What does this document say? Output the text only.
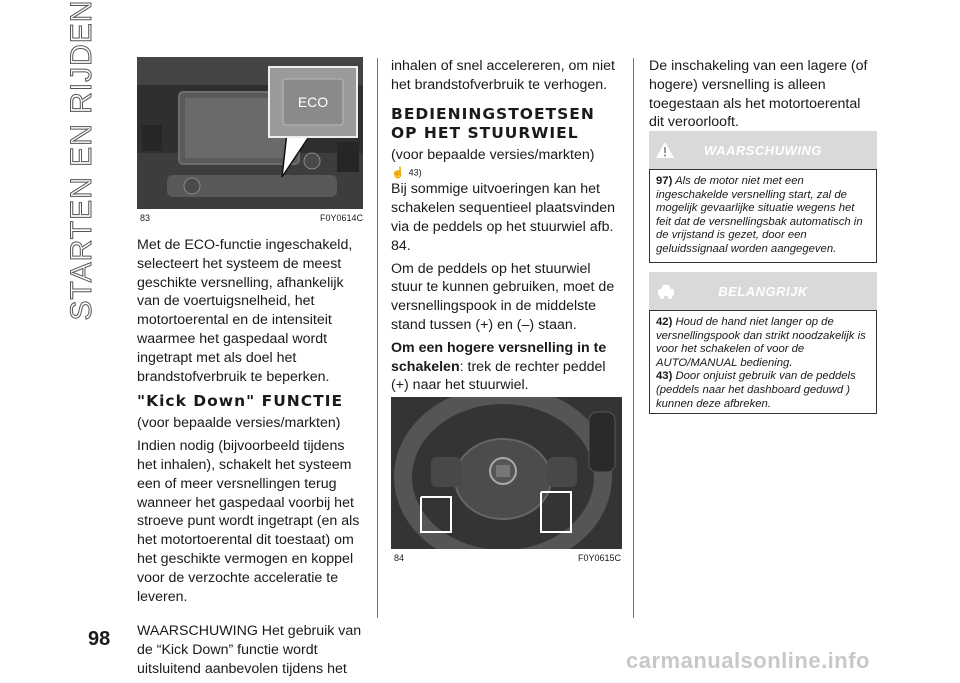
STARTEN EN RIJDEN	ECO
83	F0Y0614C

Met de ECO-functie ingeschakeld, selecteert het systeem de meest geschikte versnelling, afhankelijk van de voertuigsnelheid, het motortoerental en de intensiteit waarmee het gaspedaal wordt ingetrapt met als doel het brandstofverbruik te beperken.

"Kick Down" FUNCTIE

(voor bepaalde versies/markten)

Indien nodig (bijvoorbeeld tijdens het inhalen), schakelt het systeem een of meer versnellingen terug wanneer het gaspedaal voorbij het stroeve punt wordt ingetrapt (en als het motortoerental dit toestaat) om het geschikte vermogen en koppel voor de verzochte acceleratie te leveren.

WAARSCHUWING Het gebruik van de “Kick Down” functie wordt uitsluitend aanbevolen tijdens het

inhalen of snel accelereren, om niet het brandstofverbruik te verhogen.

BEDIENINGSTOETSEN OP HET STUURWIEL

(voor bepaalde versies/markten)

☝ 43)

Bij sommige uitvoeringen kan het schakelen sequentieel plaatsvinden via de peddels op het stuurwiel afb. 84.

Om de peddels op het stuurwiel stuur te kunnen gebruiken, moet de versnellingspook in de middelste stand tussen (+) en (–) staan.

Om een hogere versnelling in te schakelen: trek de rechter peddel (+) naar het stuurwiel.

84	F0Y0615C

De inschakeling van een lagere (of hogere) versnelling is alleen toegestaan als het motortoerental dit veroorlooft.

WAARSCHUWING

97) Als de motor niet met een ingeschakelde versnelling start, zal de mogelijk gevaarlijke situatie wegens het feit dat de versnellingsbak automatisch in de vrijstand is gezet, door een geluidssignaal worden aangegeven.

BELANGRIJK

42) Houd de hand niet langer op de versnellingspook dan strikt noodzakelijk is voor het schakelen of voor de AUTO/MANUAL bediening.

43) Door onjuist gebruik van de peddels (peddels naar het dashboard geduwd ) kunnen deze afbreken.

98
carmanualsonline.info
